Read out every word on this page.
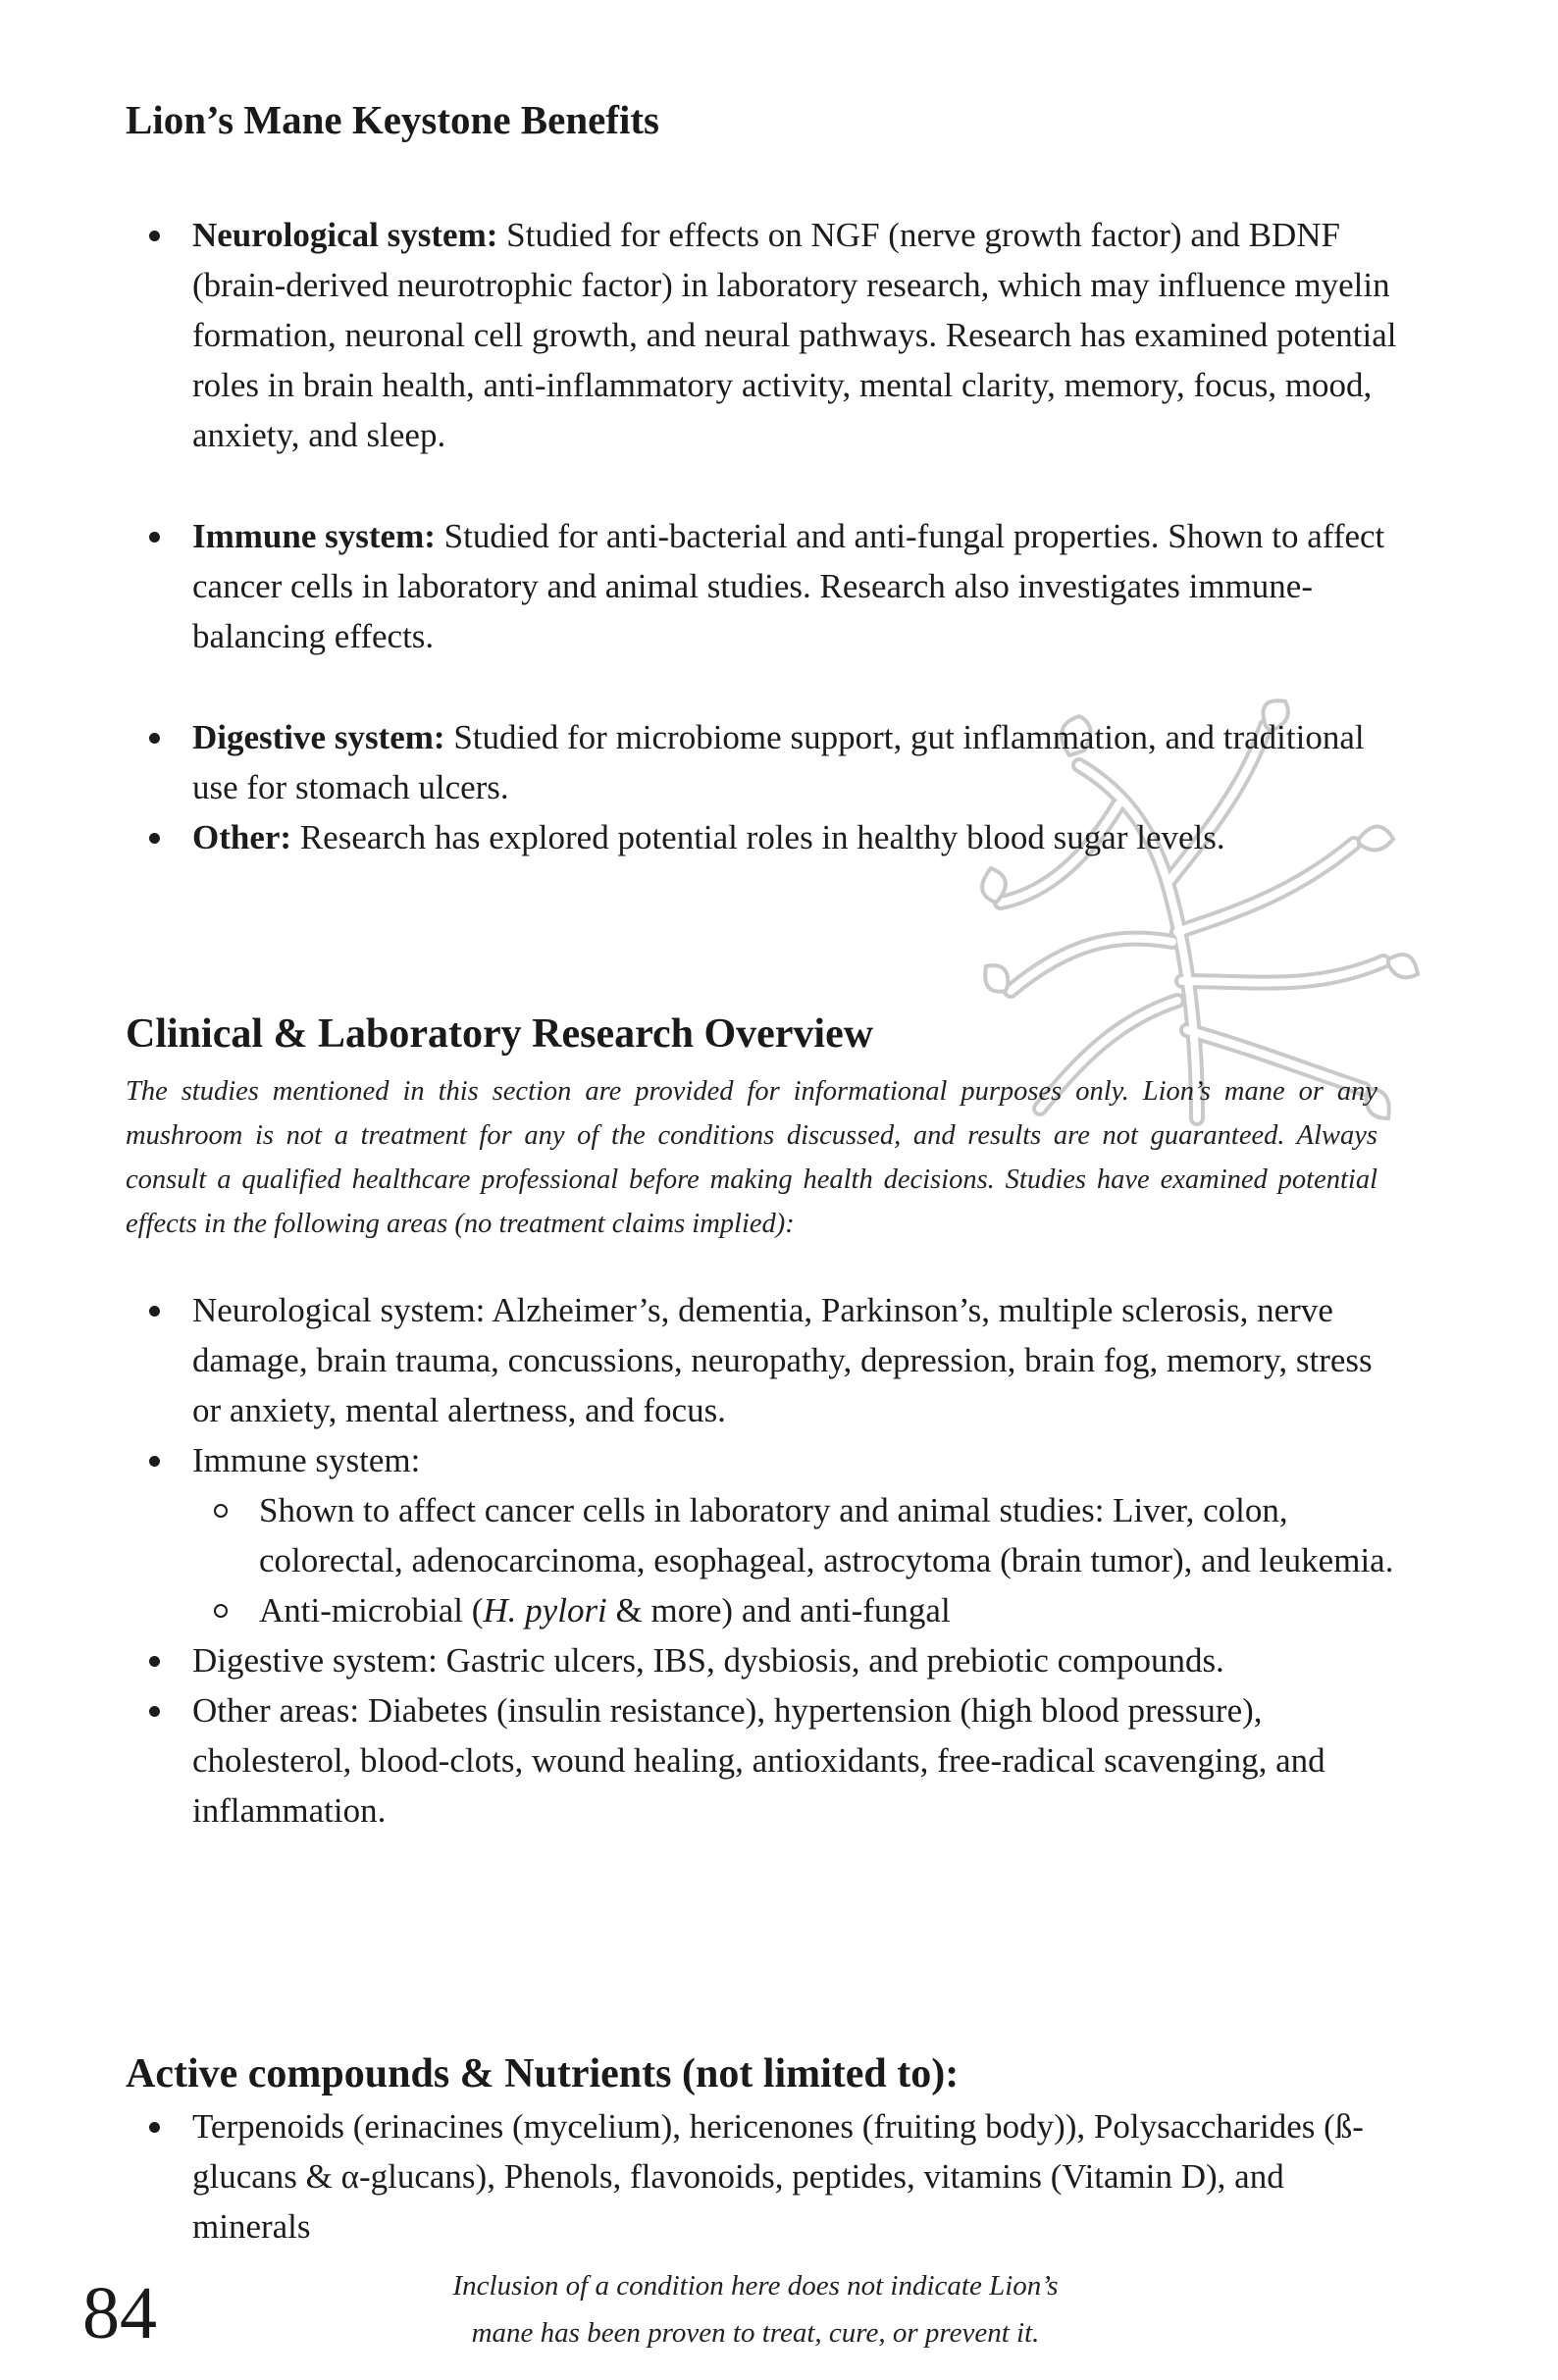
Lion’s Mane Keystone Benefits
Neurological system: Studied for effects on NGF (nerve growth factor) and BDNF (brain-derived neurotrophic factor) in laboratory research, which may influence myelin formation, neuronal cell growth, and neural pathways. Research has examined potential roles in brain health, anti-inflammatory activity, mental clarity, memory, focus, mood, anxiety, and sleep.
Immune system: Studied for anti-bacterial and anti-fungal properties. Shown to affect cancer cells in laboratory and animal studies. Research also investigates immune-balancing effects.
Digestive system: Studied for microbiome support, gut inflammation, and traditional use for stomach ulcers.
Other: Research has explored potential roles in healthy blood sugar levels.
Clinical & Laboratory Research Overview

The studies mentioned in this section are provided for informational purposes only. Lion’s mane or any mushroom is not a treatment for any of the conditions discussed, and results are not guaranteed. Always consult a qualified healthcare professional before making health decisions. Studies have examined potential effects in the following areas (no treatment claims implied):

Neurological system: Alzheimer’s, dementia, Parkinson’s, multiple sclerosis, nerve damage, brain trauma, concussions, neuropathy, depression, brain fog, memory, stress or anxiety, mental alertness, and focus.
Immune system:
Shown to affect cancer cells in laboratory and animal studies: Liver, colon, colorectal, adenocarcinoma, esophageal, astrocytoma (brain tumor), and leukemia.
Anti-microbial (H. pylori & more) and anti-fungal
Digestive system: Gastric ulcers, IBS, dysbiosis, and prebiotic compounds.
Other areas: Diabetes (insulin resistance), hypertension (high blood pressure), cholesterol, blood-clots, wound healing, antioxidants, free-radical scavenging, and inflammation.
Active compounds & Nutrients (not limited to):
Terpenoids (erinacines (mycelium), hericenones (fruiting body)), Polysaccharides (ß-glucans & α-glucans), Phenols, flavonoids, peptides, vitamins (Vitamin D), and minerals

84	Inclusion of a condition here does not indicate Lion’s
mane has been proven to treat, cure, or prevent it.
